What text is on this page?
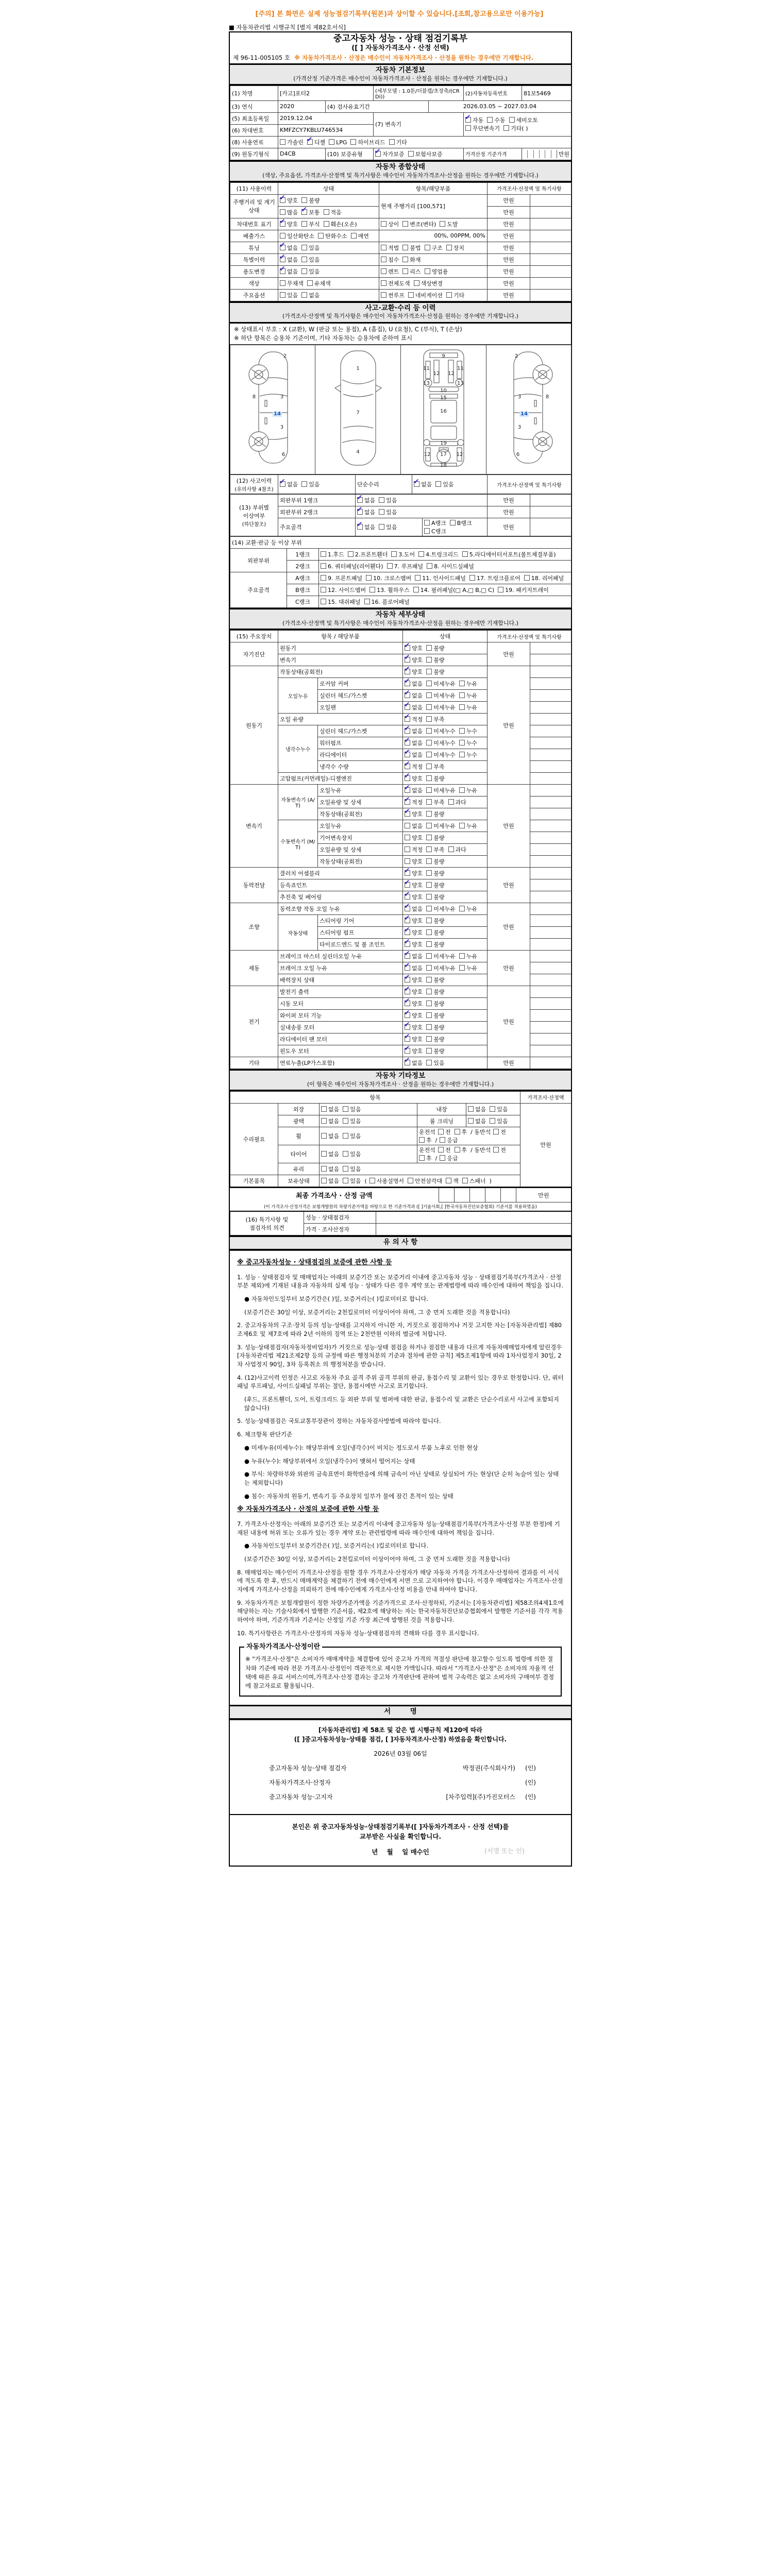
[주의] 본 화면은 실제 성능점검기록부(원본)과 상이할 수 있습니다.[조회,참고용으로만 이용가능]
■ 자동차관리법 시행규칙 [별지 제82호서식]
중고자동차 성능 · 상태 점검기록부
([ ] 자동차가격조사 · 산정 선택)
제 96-11-005105 호 ※ 자동차가격조사 · 산정은 매수인이 자동차가격조사 · 산정을 원하는 경우에만 기재합니다.
자동차 기본정보
(가격산정 기준가격은 매수인이 자동차가격조사 · 산정을 원하는 경우에만 기재합니다.)
(1) 차명	[카고]포터2		(세부모델 : 1.0톤/더블캡/초장축/(CRDi))		(2)자동차등록번호	81보5469
(3) 연식	2020	(4) 검사유효기간		2026.03.05 ~ 2027.03.04		
(5) 최초등록일	2019.12.04		(7) 변속기		✔ 자동 수동 세미오토
무단변속기 기타( )	

(6) 차대번호	KMFZCY7KBLU746534					
(8) 사용연료	가솔린 ✔ 디젤 LPG 하이브리드 기타					
(9) 원동기형식	D4CB	(10) 보증유형	✔ 자가보증 보험사보증		가격산정 기준가격	만원
자동차 종합상태
(색상, 주요옵션, 가격조사·산정액 및 특기사항은 매수인이 자동차가격조사·산정을 원하는 경우에만 기재합니다.)
(11) 사용이력	상태	항목/해당부품	가격조사·산정액 및 특기사항	
주행거리 및 계기상태	✔ 양호 불량	현재 주행거리 [100,571]	만원	
	많음 ✔ 보통 적음		만원	
차대번호 표기	✔ 양호 부식 훼손(오손)	상이 변조(변타) 도말	만원	
배출가스	일산화탄소 탄화수소 매연	00%, 00PPM, 00%	만원	
튜닝	✔ 없음 있음	적법 불법 구조 장치	만원	
특별이력	✔ 없음 있음	침수 화재	만원	
용도변경	✔ 없음 있음	렌트 리스 영업용	만원	
색상	무채색 유채색	전체도색 색상변경	만원	
주요옵션	있음 없음	썬루프 네비게이션 기타	만원	
사고·교환·수리 등 이력
(가격조사·산정액 및 특기사항은 매수인이 자동차가격조사·산정을 원하는 경우에만 기재합니다.)
※ 상태표시 부호 : X (교환), W (판금 또는 용접), A (흠집), U (요철), C (부식), T (손상)
※ 하단 항목은 승용차 기준이며, 기타 자동차는 승용차에 준하여 표시
2
8	3
14
3
6

1
7
4

9
11
12 12
11
13	13
10
15
16
19
12 17 12
18

2
3	8
14
3
6
(12) 사고이력
(유의사항 4참조)

✔ 없음 있음	단순수리	✔ 없음 있음	가격조사·산정액 및 특기사항
(13) 부위별
이상여부
(하단참조)
	외판부위 1랭크	✔ 없음 있음	만원	
	외판부위 2랭크	✔ 없음 있음		만원	
	주요골격	✔ 없음 있음	A랭크 B랭크C랭크	만원	
(14) 교환·판금 등 이상 부위		
외판부위	1랭크	1.후드 2.프론트휀더 3.도어 4.트렁크리드 5.라디에이터서포트(볼트체결부품)
	2랭크	6. 쿼터패널(리어휀다) 7. 루프패널 8. 사이드실패널
주요골격	A랭크	9. 프론트패널 10. 크로스멤버 11. 인사이드패널 17. 트렁크플로어 18. 리어패널
	B랭크	12. 사이드멤버 13. 휠하우스 14. 필러패널(□ A,□ B,□ C) 19. 패키지트레이
	C랭크	15. 대쉬패널 16. 플로어패널
자동차 세부상태
(가격조사·산정액 및 특기사항은 매수인이 자동차가격조사·산정을 원하는 경우에만 기재합니다.)
(15) 주요장치	항목 / 해당부품		상태	가격조사·산정액 및 특기사항	
자기진단	원동기		✔ 양호 불량	만원	
	변속기		✔ 양호 불량		
원동기	작동상태(공회전)		✔ 양호 불량	만원	
	오일누유	로커암 커버	✔ 없음 미세누유 누유		
		실린더 헤드/가스켓	✔ 없음 미세누유 누유		
		오일팬	✔ 없음 미세누유 누유		
	오일 유량		✔ 적정 부족		
	냉각수누수	실린더 헤드/가스켓	✔ 없음 미세누수 누수		
		워터펌프	✔ 없음 미세누수 누수		
		라디에이터	✔ 없음 미세누수 누수		
		냉각수 수량	✔ 적정 부족		
	고압펌프(커먼레일)-디젤엔진		✔ 양호 불량		
변속기	자동변속기 (A/T)	오일누유	✔ 없음 미세누유 누유	만원	
		오일유량 및 상세	✔ 적정 부족 과다		
		작동상태(공회전)	✔ 양호 불량		
	수동변속기 (M/T)	오일누유	없음 미세누유 누유		
		기어변속장치	양호 불량		
		오일유량 및 상세	적정 부족 과다		
		작동상태(공회전)	양호 불량		
동력전달	클러치 어셈블리		✔ 양호 불량	만원	
	등속죠인트		✔ 양호 불량		
	추진축 및 베어링		✔ 양호 불량		
조향	동력조향 작동 오일 누유		✔ 없음 미세누유 누유	만원	
	작동상태	스티어링 기어	✔ 양호 불량		
		스티어링 펌프	✔ 양호 불량		
		타이로드엔드 및 볼 조인트	✔ 양호 불량		
제동	브레이크 마스터 실린더오일 누유		✔ 없음 미세누유 누유	만원	
	브레이크 오일 누유		✔ 없음 미세누유 누유		
	배력장치 상태		✔ 양호 불량		
전기	발전기 출력		✔ 양호 불량	만원	
	시동 모터		✔ 양호 불량		
	와이퍼 모터 기능		✔ 양호 불량		
	실내송풍 모터		✔ 양호 불량		
	라디에이터 팬 모터		✔ 양호 불량		
	윈도우 모터		✔ 양호 불량		
기타	연료누출(LP가스포함)		✔ 없음 있음	만원	
자동차 기타정보
(이 항목은 매수인이 자동차가격조사 · 산정을 원하는 경우에만 기재합니다.)
항목					가격조사·산정액
수리필요	외장	없음 있음	내장	없음 있음	만원
	광택	없음 있음	룸 크리닝	없음 있음	
	휠	없음 있음	운전석 전 후 / 동반석 전후 / 응급		
	타이어	없음 있음	운전석 전 후 / 동반석 전후 / 응급		
	유리	없음 있음			
기본품목	보유상태	없음 있음 ( 사용설명서 안전삼각대 잭 스패너 )			
최종 가격조사 · 산정 금액						만원
(이 가격조사·산정가격은 보험개발원의 차량기준가액을 바탕으로 한 기준가격과 ([ ]기술사회,[ ]한국자동차진단보증협회) 기준서를 적용하였음)
(16) 특기사항 및
점검자의 의견	성능 · 상태점검자	
	가격 · 조사산정자	
유 의 사 항
※ 중고자동차성능 · 상태점검의 보증에 관한 사항 등

1. 성능 · 상태점검자 및 매매업자는 아래의 보증기간 또는 보증거리 이내에 중고자동차 성능 · 상태점검기록부(가격조사 · 산정 부분 제외)에 기재된 내용과 자동차의 실제 성능 · 상태가 다른 경우 계약 또는 관계법령에 따라 매수인에 대하여 책임을 집니다.

● 자동차인도일부터 보증기간은( )일, 보증거리는( )킬로미터로 합니다.

(보증기간은 30일 이상, 보증거리는 2천킬로미터 이상이어야 하며, 그 중 먼저 도래한 것을 적용합니다)

2. 중고자동차의 구조·장치 등의 성능·상태를 고지하지 아니한 자, 거짓으로 점검하거나 거짓 고지한 자는 [자동차관리법] 제80조제6호 및 제7호에 따라 2년 이하의 징역 또는 2천만원 이하의 벌금에 처합니다.

3. 성능·상태점검자(자동차정비업자)가 거짓으로 성능·상태 점검을 하거나 점검한 내용과 다르게 자동차매매업자에게 알린경우 [자동차관리법 제21조제2항 등의 규정에 따른 행정처분의 기준과 절차에 관한 규칙] 제5조제1항에 따라 1차사업정지 30일, 2차 사업정지 90일, 3차 등록취소 의 행정처분을 받습니다.

4. (12)사고이력 인정은 사고로 자동차 주요 골격 주위 골격 부위의 판금, 용접수리 및 교환이 있는 경우로 한정합니다. 단, 쿼터패널 루프패널, 사이드실패널 부위는 절단, 용접시에만 사고로 표기합니다.

(후드, 프론트휀더, 도어, 트렁크리드 등 외판 부위 및 범퍼에 대한 판금, 용접수리 및 교환은 단순수리로서 사고에 포함되지 않습니다)

5. 성능·상태점검은 국토교통부장관이 정하는 자동차검사방법에 따라야 합니다.

6. 체크항목 판단기준

● 미세누유(미세누수): 해당부위에 오일(냉각수)이 비치는 정도로서 부품 노후로 인한 현상

● 누유(누수): 해당부위에서 오일(냉각수)이 맺혀서 떨어지는 상태

● 부식: 차량하부와 외판의 금속표면이 화학반응에 의해 금속이 아닌 상태로 상실되어 가는 현상(단 순히 녹슬어 있는 상태는 제외합니다)

● 침수: 자동차의 원동기, 변속기 등 주요장치 일부가 물에 잠긴 흔적이 있는 상태

※ 자동차가격조사 · 산정의 보증에 관한 사항 등

7. 가격조사·산정자는 아래의 보증기간 또는 보증거리 이내에 중고자동차 성능·상태점검기록부(가격조사·산정 부분 한정)에 기재된 내용에 허위 또는 오류가 있는 경우 계약 또는 관련법령에 따라 매수인에 대하여 책임을 집니다.

● 자동차인도일부터 보증기간은( )일, 보증거리는( )킬로미터로 합니다.

(보증기간은 30일 이상, 보증거리는 2천킬로미터 이상이어야 하며, 그 중 먼저 도래한 것을 적용합니다)

8. 매매업자는 매수인이 가격조사·산정을 원할 경우 가격조사·산정자가 해당 자동차 가격을 가격조사·산정하여 결과를 이 서식에 적도록 한 후, 반드시 매매계약을 체결하기 전에 매수인에게 서면 으로 고지하여야 합니다. 이경우 매매업자는 가격조사·산정자에게 가격조사·산정을 의뢰하기 전에 매수인에게 가격조사·산정 비용을 안내 하여야 합니다.

9. 자동차가격은 보험개발원이 정한 차량가준가액을 기준가격으로 조사·산정하되, 기준서는 [자동차관리법] 제58조의4제1호에 해당하는 자는 기술사회에서 발행한 기준서를, 제2호에 해당하는 자는 한국자동차진단보증협회에서 발행한 기준서를 각각 적용하여야 하며, 기준가격과 기준서는 산정일 기준 가장 최근에 발행된 것을 적용합니다.

10. 특기사항란은 가격조사·산정자의 자동차 성능·상태점검자의 견해와 다를 경우 표시합니다.

자동차가격조사·산정이란
※ "가격조사·산정"은 소비자가 매매계약을 체결함에 있어 중고차 가격의 적절성 판단에 참고할수 있도록 법령에 의한 절차와 기준에 따라 전문 가격조사·산정인이 객관적으로 제시한 가액입니다. 따라서 "가격조사·산정"은 소비자의 자율적 선택에 따른 유료 서비스이며,가격조사·산정 결과는 중고차 가격판단에 관하여 법적 구속력은 없고 소비자의 구매여부 결정에 참고자료로 활용됩니다.
서        명
[자동차관리법] 제 58조 및 같은 법 시행규칙 제120에 따라
([ ]중고자동차성능·상태를 점검, [ ]자동차격조사·산정) 하였음을 확인합니다.
2026년 03월 06일
중고자동차 성능·상태 점검자	박정권(주식회사가)	(인)
자동차가격조사·산정자	(인)
중고자동차 성능·고지자	[차주입력](주)가진모터스	(인)
본인은 위 중고자동차성능·상태점검기록부([ ]자동차가격조사 · 산정 선택)를
교부받은 사실을 확인합니다.
년    월    일 매수인	(서명 또는 인)
